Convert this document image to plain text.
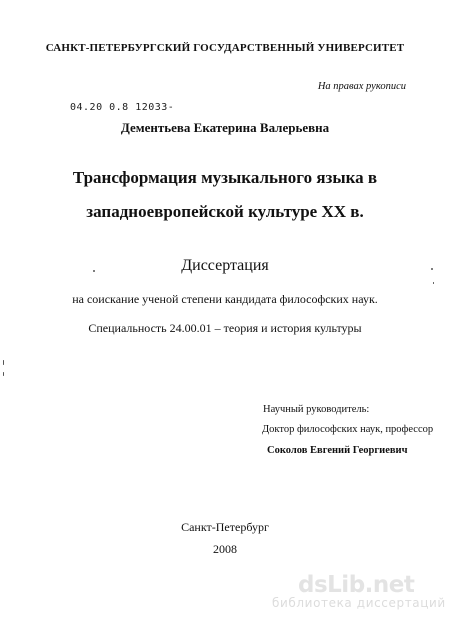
САНКТ-ПЕТЕРБУРГСКИЙ ГОСУДАРСТВЕННЫЙ УНИВЕРСИТЕТ
На правах рукописи
04.20 0.8 12033-
Дементьева Екатерина Валерьевна
Трансформация музыкального языка в
западноевропейской культуре XX в.
Диссертация
на соискание ученой степени кандидата философских наук.
Специальность 24.00.01 – теория и история культуры
Научный руководитель:
Доктор философских наук, профессор
Соколов Евгений Георгиевич
Санкт-Петербург
2008
dsLib.net
библиотека диссертаций
